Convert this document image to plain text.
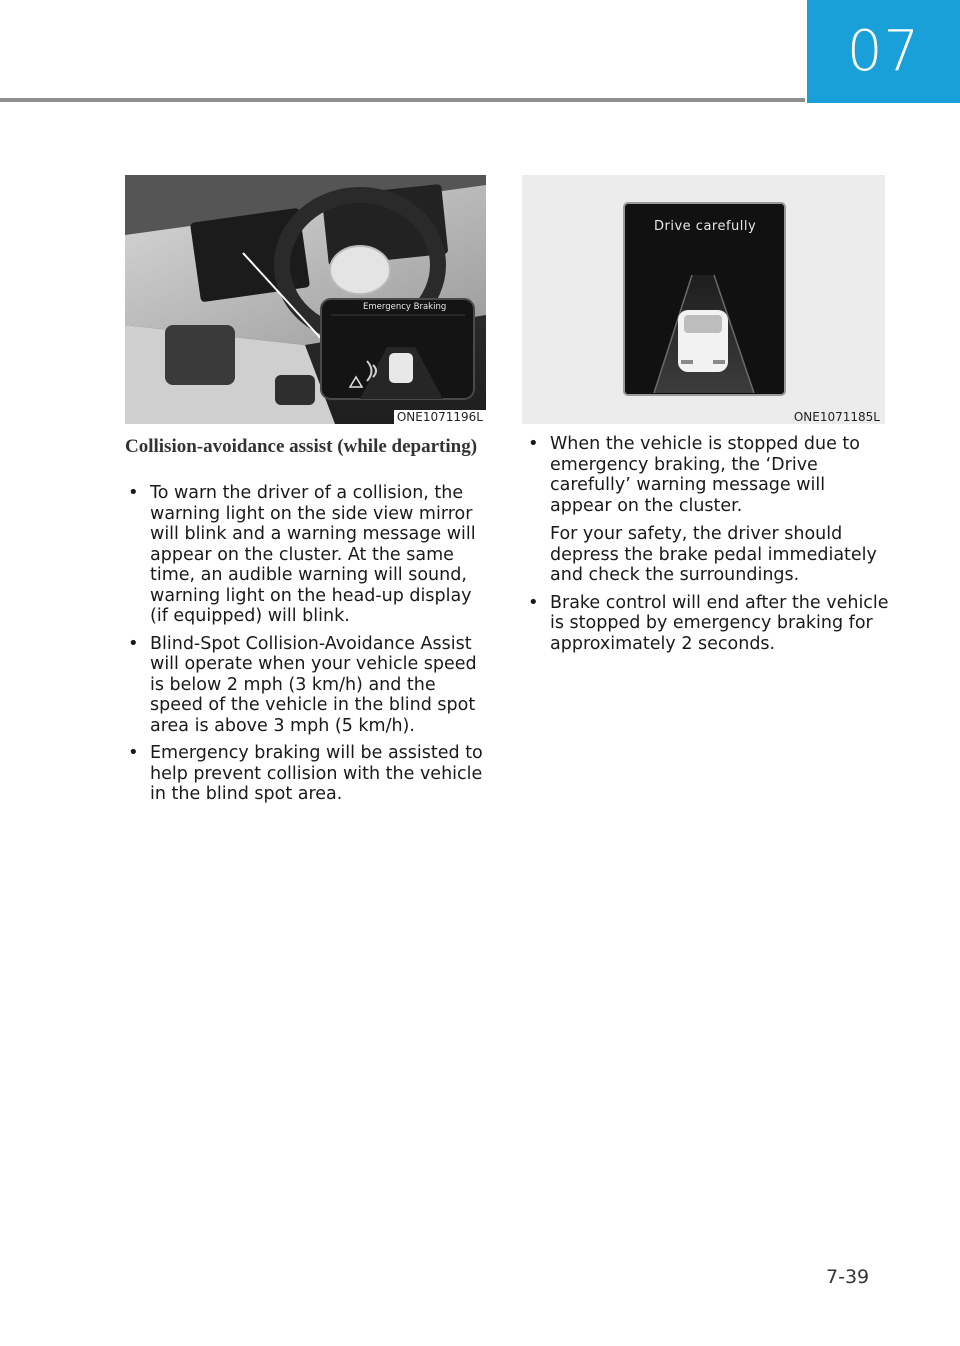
07
Emergency Braking
ONE1071196L
Drive carefully
ONE1071185L
Collision-avoidance assist (while departing)
• To warn the driver of a collision, the warning light on the side view mirror will blink and a warning message will appear on the cluster. At the same time, an audible warning will sound, warning light on the head-up display (if equipped) will blink.
• Blind-Spot Collision-Avoidance Assist will operate when your vehicle speed is below 2 mph (3 km/h) and the speed of the vehicle in the blind spot area is above 3 mph (5 km/h).
• Emergency braking will be assisted to help prevent collision with the vehicle in the blind spot area.
• When the vehicle is stopped due to emergency braking, the ‘Drive carefully’ warning message will appear on the cluster.
For your safety, the driver should depress the brake pedal immediately and check the surroundings.
• Brake control will end after the vehicle is stopped by emergency braking for approximately 2 seconds.
7-39
